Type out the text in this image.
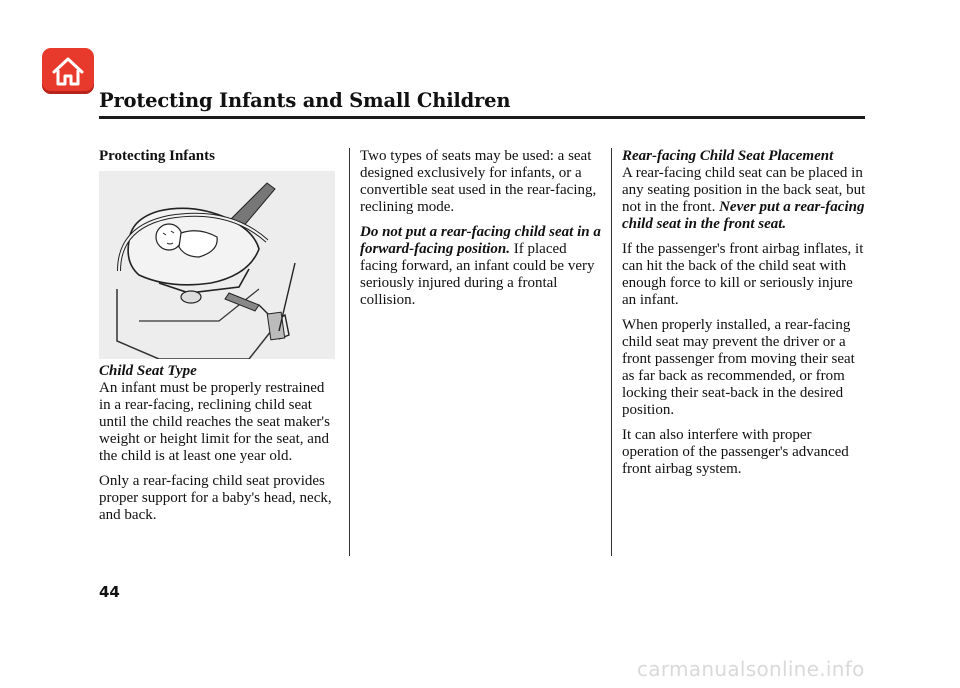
Protecting Infants and Small Children
Protecting Infants
Child Seat Type

An infant must be properly restrained in a rear-facing, reclining child seat until the child reaches the seat maker's weight or height limit for the seat, and the child is at least one year old.

Only a rear-facing child seat provides proper support for a baby's head, neck, and back.

Two types of seats may be used: a seat designed exclusively for infants, or a convertible seat used in the rear-facing, reclining mode.

Do not put a rear-facing child seat in a forward-facing position. If placed facing forward, an infant could be very seriously injured during a frontal collision.

Rear-facing Child Seat Placement

A rear-facing child seat can be placed in any seating position in the back seat, but not in the front. Never put a rear-facing child seat in the front seat.

If the passenger's front airbag inflates, it can hit the back of the child seat with enough force to kill or seriously injure an infant.

When properly installed, a rear-facing child seat may prevent the driver or a front passenger from moving their seat as far back as recommended, or from locking their seat-back in the desired position.

It can also interfere with proper operation of the passenger's advanced front airbag system.

44
carmanualsonline.info
